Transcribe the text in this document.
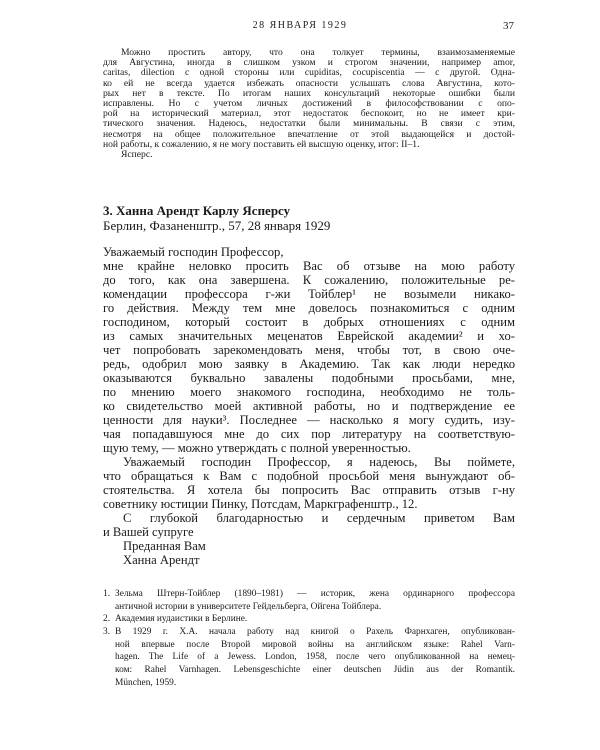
28 ЯНВАРЯ 1929	37
Можно простить автору, что она толкует термины, взаимозаменяемые
для Августина, иногда в слишком узком и строгом значении, например amor,
caritas, dilection с одной стороны или cupiditas, cocupiscentia — с другой. Одна-
ко ей не всегда удается избежать опасности услышать слова Августина, кото-
рых нет в тексте. По итогам наших консультаций некоторые ошибки были
исправлены. Но с учетом личных достижений в философствовании с опо-
рой на исторический материал, этот недостаток беспокоит, но не имеет кри-
тического значения. Надеюсь, недостатки были минимальны. В связи с этим,
несмотря на общее положительное впечатление от этой выдающейся и достой-
ной работы, к сожалению, я не могу поставить ей высшую оценку, итог: II–1.
Ясперс.
3. Ханна Арендт Карлу Ясперсу
Берлин, Фазаненштр., 57, 28 января 1929
Уважаемый господин Профессор,
мне крайне неловко просить Вас об отзыве на мою работу
до того, как она завершена. К сожалению, положительные ре-
комендации профессора г-жи Тойблер¹ не возымели никако-
го действия. Между тем мне довелось познакомиться с одним
господином, который состоит в добрых отношениях с одним
из самых значительных меценатов Еврейской академии² и хо-
чет попробовать зарекомендовать меня, чтобы тот, в свою оче-
редь, одобрил мою заявку в Академию. Так как люди нередко
оказываются буквально завалены подобными просьбами, мне,
по мнению моего знакомого господина, необходимо не толь-
ко свидетельство моей активной работы, но и подтверждение ее
ценности для науки³. Последнее — насколько я могу судить, изу-
чая попадавшуюся мне до сих пор литературу на соответствую-
щую тему, — можно утверждать с полной уверенностью.
Уважаемый господин Профессор, я надеюсь, Вы поймете,
что обращаться к Вам с подобной просьбой меня вынуждают об-
стоятельства. Я хотела бы попросить Вас отправить отзыв г-ну
советнику юстиции Пинку, Потсдам, Маркграфенштр., 12.
С глубокой благодарностью и сердечным приветом Вам
и Вашей супруге
Преданная Вам
Ханна Арендт
1. Зельма Штерн-Тойблер (1890–1981) — историк, жена ординарного профессора
античной истории в университете Гейдельберга, Ойгена Тойблера.
2. Академия иудаистики в Берлине.
3. В 1929 г. Х.А. начала работу над книгой о Рахель Фарнхаген, опубликован-
ной впервые после Второй мировой войны на английском языке: Rahel Varn-
hagen. The Life of a Jewess. London, 1958, после чего опубликованной на немец-
ком: Rahel Varnhagen. Lebensgeschichte einer deutschen Jüdin aus der Romantik.
München, 1959.
